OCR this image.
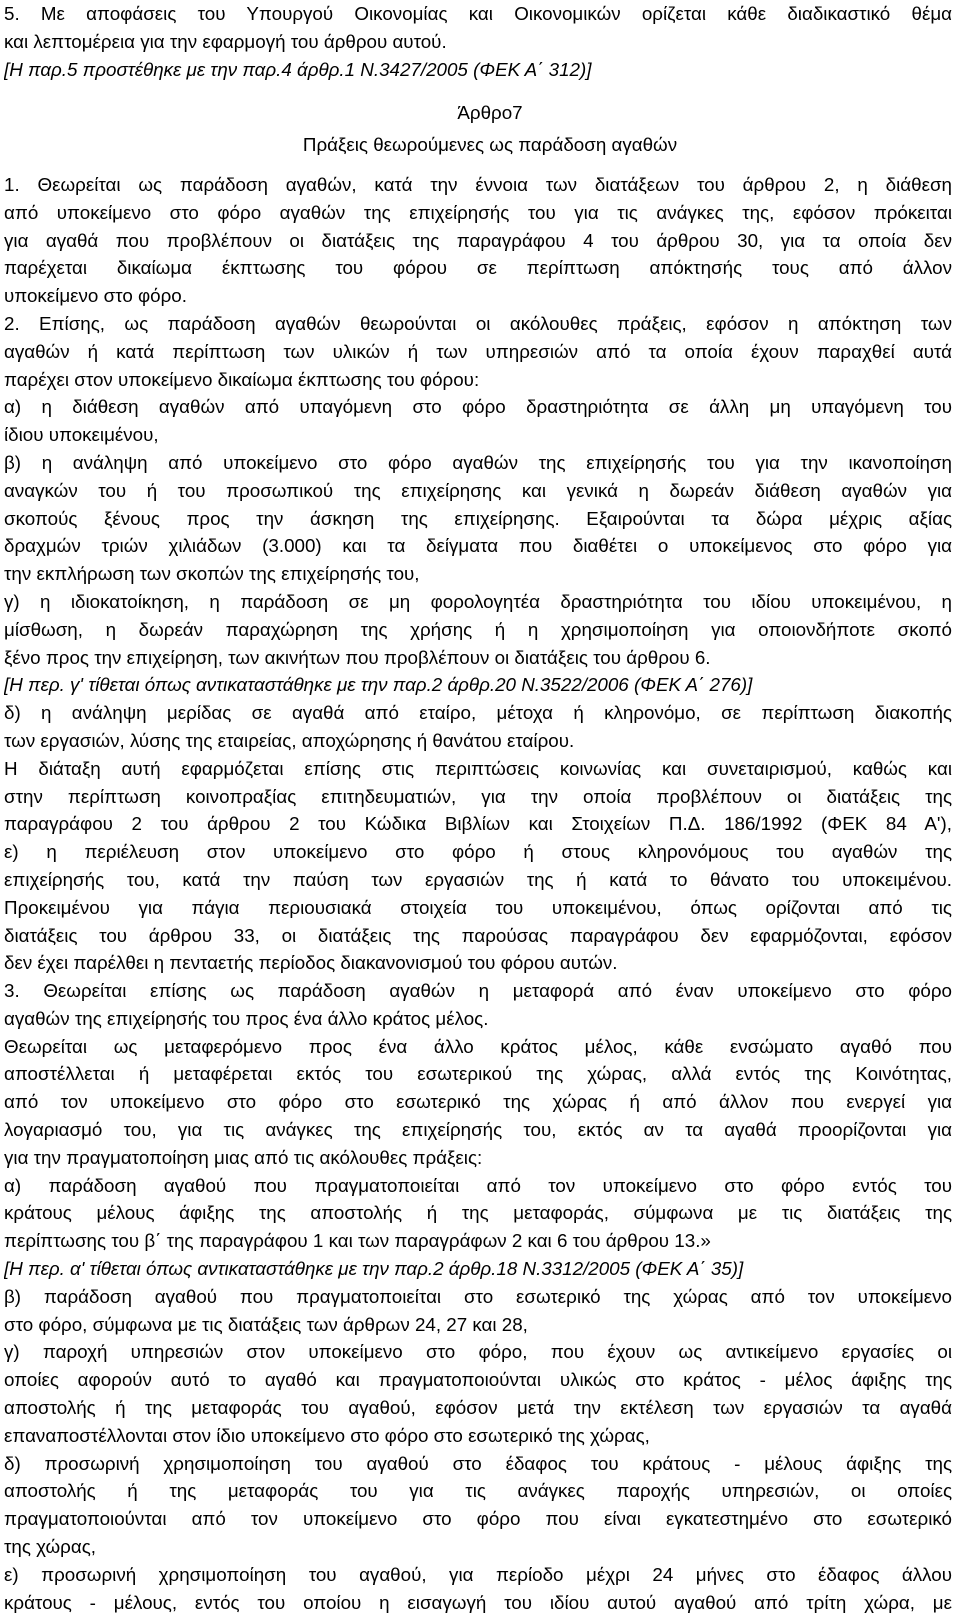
5. Με αποφάσεις του Υπουργού Οικονομίας και Οικονομικών ορίζεται κάθε διαδικαστικό θέμα
και λεπτομέρεια για την εφαρμογή του άρθρου αυτού.
[Η παρ.5 προστέθηκε με την παρ.4 άρθρ.1 Ν.3427/2005 (ΦΕΚ Α΄ 312)]
Άρθρο7
Πράξεις θεωρούμενες ως παράδοση αγαθών
1. Θεωρείται ως παράδοση αγαθών, κατά την έννοια των διατάξεων του άρθρου 2, η διάθεση
από υποκείμενο στο φόρο αγαθών της επιχείρησής του για τις ανάγκες της, εφόσον πρόκειται
για αγαθά που προβλέπουν οι διατάξεις της παραγράφου 4 του άρθρου 30, για τα οποία δεν
παρέχεται δικαίωμα έκπτωσης του φόρου σε περίπτωση απόκτησής τους από άλλον
υποκείμενο στο φόρο.
2. Επίσης, ως παράδοση αγαθών θεωρούνται οι ακόλουθες πράξεις, εφόσον η απόκτηση των
αγαθών ή κατά περίπτωση των υλικών ή των υπηρεσιών από τα οποία έχουν παραχθεί αυτά
παρέχει στον υποκείμενο δικαίωμα έκπτωσης του φόρου:
α) η διάθεση αγαθών από υπαγόμενη στο φόρο δραστηριότητα σε άλλη μη υπαγόμενη του
ίδιου υποκειμένου,
β) η ανάληψη από υποκείμενο στο φόρο αγαθών της επιχείρησής του για την ικανοποίηση
αναγκών του ή του προσωπικού της επιχείρησης και γενικά η δωρεάν διάθεση αγαθών για
σκοπούς ξένους προς την άσκηση της επιχείρησης. Εξαιρούνται τα δώρα μέχρις αξίας
δραχμών τριών χιλιάδων (3.000) και τα δείγματα που διαθέτει ο υποκείμενος στο φόρο για
την εκπλήρωση των σκοπών της επιχείρησής του,
γ) η ιδιοκατοίκηση, η παράδοση σε μη φορολογητέα δραστηριότητα του ιδίου υποκειμένου, η
μίσθωση, η δωρεάν παραχώρηση της χρήσης ή η χρησιμοποίηση για οποιονδήποτε σκοπό
ξένο προς την επιχείρηση, των ακινήτων που προβλέπουν οι διατάξεις του άρθρου 6.
[Η περ. γ' τίθεται όπως αντικαταστάθηκε με την παρ.2 άρθρ.20 Ν.3522/2006 (ΦΕΚ Α΄ 276)]
δ) η ανάληψη μερίδας σε αγαθά από εταίρο, μέτοχα ή κληρονόμο, σε περίπτωση διακοπής
των εργασιών, λύσης της εταιρείας, αποχώρησης ή θανάτου εταίρου.
Η διάταξη αυτή εφαρμόζεται επίσης στις περιπτώσεις κοινωνίας και συνεταιρισμού, καθώς και
στην περίπτωση κοινοπραξίας επιτηδευματιών, για την οποία προβλέπουν οι διατάξεις της
παραγράφου 2 του άρθρου 2 του Κώδικα Βιβλίων και Στοιχείων Π.Δ. 186/1992 (ΦΕΚ 84 Α'),
ε) η περιέλευση στον υποκείμενο στο φόρο ή στους κληρονόμους του αγαθών της
επιχείρησής του, κατά την παύση των εργασιών της ή κατά το θάνατο του υποκειμένου.
Προκειμένου για πάγια περιουσιακά στοιχεία του υποκειμένου, όπως ορίζονται από τις
διατάξεις του άρθρου 33, οι διατάξεις της παρούσας παραγράφου δεν εφαρμόζονται, εφόσον
δεν έχει παρέλθει η πενταετής περίοδος διακανονισμού του φόρου αυτών.
3. Θεωρείται επίσης ως παράδοση αγαθών η μεταφορά από έναν υποκείμενο στο φόρο
αγαθών της επιχείρησής του προς ένα άλλο κράτος μέλος.
Θεωρείται ως μεταφερόμενο προς ένα άλλο κράτος μέλος, κάθε ενσώματο αγαθό που
αποστέλλεται ή μεταφέρεται εκτός του εσωτερικού της χώρας, αλλά εντός της Κοινότητας,
από τον υποκείμενο στο φόρο στο εσωτερικό της χώρας ή από άλλον που ενεργεί για
λογαριασμό του, για τις ανάγκες της επιχείρησής του, εκτός αν τα αγαθά προορίζονται για
για την πραγματοποίηση μιας από τις ακόλουθες πράξεις:
α) παράδοση αγαθού που πραγματοποιείται από τον υποκείμενο στο φόρο εντός του
κράτους μέλους άφιξης της αποστολής ή της μεταφοράς, σύμφωνα με τις διατάξεις της
περίπτωσης του β΄ της παραγράφου 1 και των παραγράφων 2 και 6 του άρθρου 13.»
[Η περ. α' τίθεται όπως αντικαταστάθηκε με την παρ.2 άρθρ.18 Ν.3312/2005 (ΦΕΚ Α΄ 35)]
β) παράδοση αγαθού που πραγματοποιείται στο εσωτερικό της χώρας από τον υποκείμενο
στο φόρο, σύμφωνα με τις διατάξεις των άρθρων 24, 27 και 28,
γ) παροχή υπηρεσιών στον υποκείμενο στο φόρο, που έχουν ως αντικείμενο εργασίες οι
οποίες αφορούν αυτό το αγαθό και πραγματοποιούνται υλικώς στο κράτος - μέλος άφιξης της
αποστολής ή της μεταφοράς του αγαθού, εφόσον μετά την εκτέλεση των εργασιών τα αγαθά
επαναποστέλλονται στον ίδιο υποκείμενο στο φόρο στο εσωτερικό της χώρας,
δ) προσωρινή χρησιμοποίηση του αγαθού στο έδαφος του κράτους - μέλους άφιξης της
αποστολής ή της μεταφοράς του για τις ανάγκες παροχής υπηρεσιών, οι οποίες
πραγματοποιούνται από τον υποκείμενο στο φόρο που είναι εγκατεστημένο στο εσωτερικό
της χώρας,
ε) προσωρινή χρησιμοποίηση του αγαθού, για περίοδο μέχρι 24 μήνες στο έδαφος άλλου
κράτους - μέλους, εντός του οποίου η εισαγωγή του ιδίου αυτού αγαθού από τρίτη χώρα, με
